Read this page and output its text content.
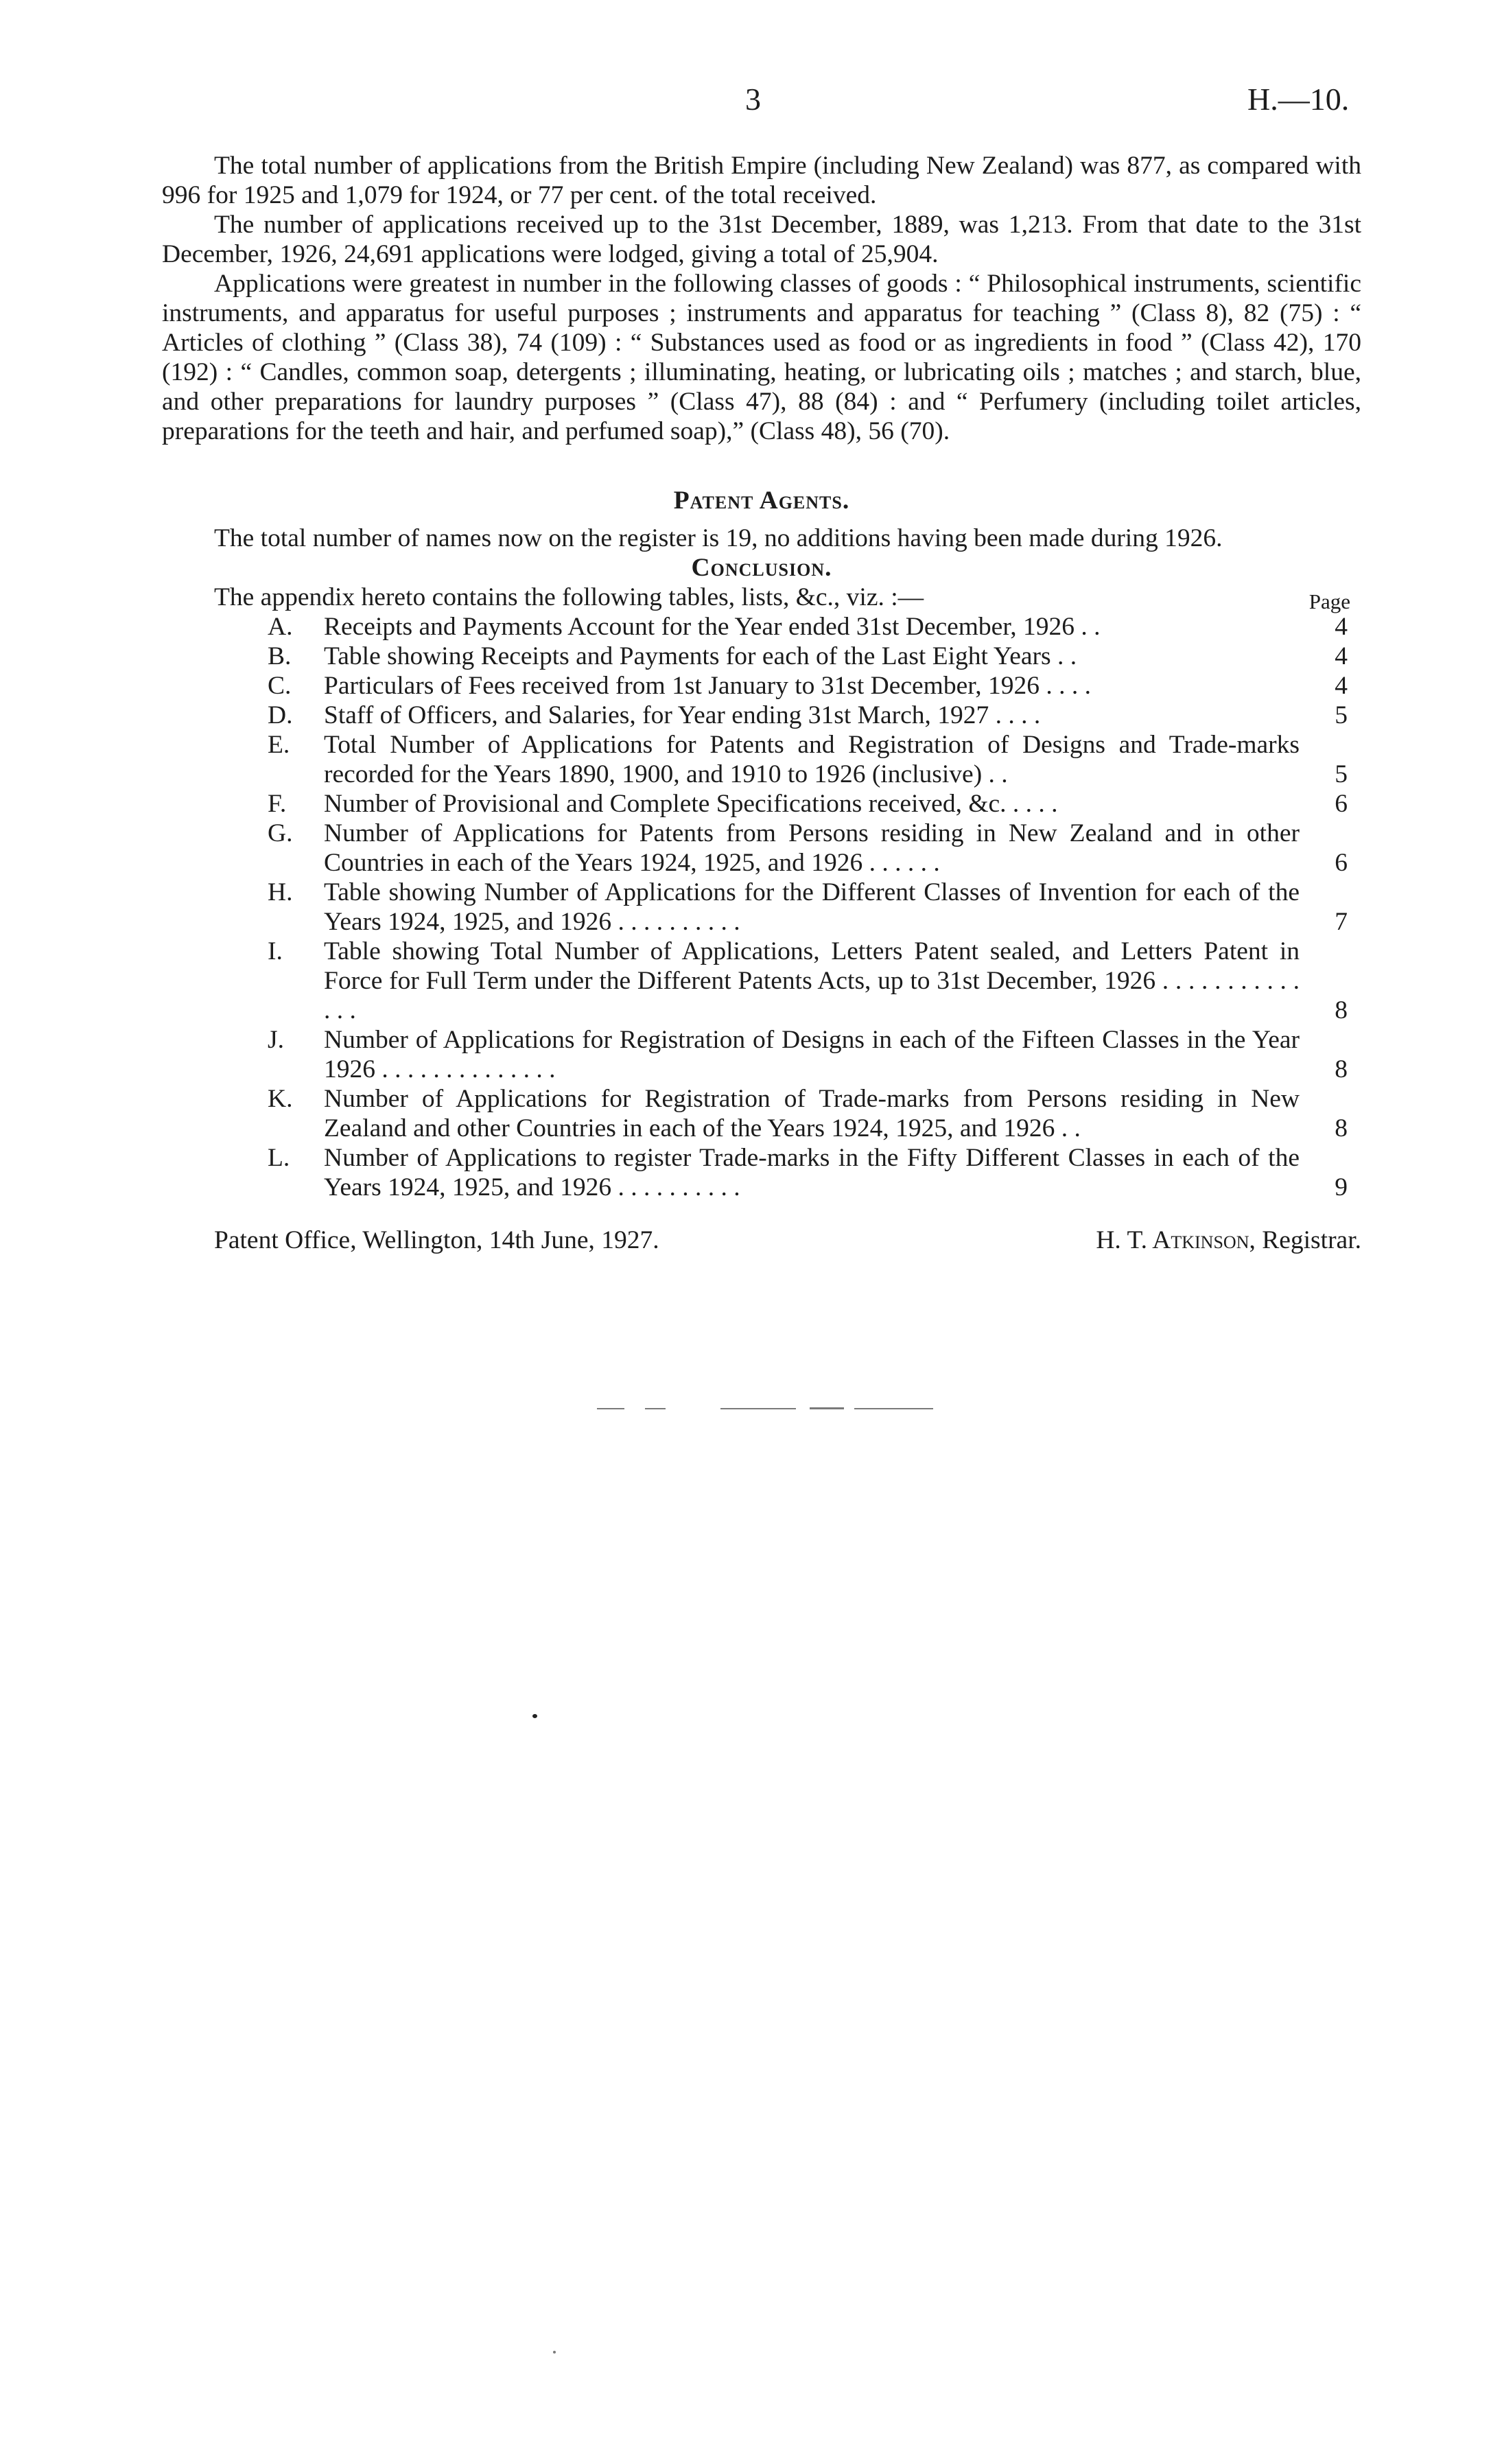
3	H.—10.

The total number of applications from the British Empire (including New Zealand) was 877, as compared with 996 for 1925 and 1,079 for 1924, or 77 per cent. of the total received.

The number of applications received up to the 31st December, 1889, was 1,213. From that date to the 31st December, 1926, 24,691 applications were lodged, giving a total of 25,904.

Applications were greatest in number in the following classes of goods : “ Philosophical instruments, scientific instruments, and apparatus for useful purposes ; instruments and apparatus for teaching ” (Class 8), 82 (75) : “ Articles of clothing ” (Class 38), 74 (109) : “ Substances used as food or as ingredients in food ” (Class 42), 170 (192) : “ Candles, common soap, detergents ; illuminating, heating, or lubricating oils ; matches ; and starch, blue, and other preparations for laundry purposes ” (Class 47), 88 (84) : and “ Perfumery (including toilet articles, preparations for the teeth and hair, and perfumed soap),” (Class 48), 56 (70).

Patent Agents.

The total number of names now on the register is 19, no additions having been made during 1926.

Conclusion.
The appendix hereto contains the following tables, lists, &c., viz. :—	Page
A.	Receipts and Payments Account for the Year ended 31st December, 1926 . .	4
B.	Table showing Receipts and Payments for each of the Last Eight Years . .	4
C.	Particulars of Fees received from 1st January to 31st December, 1926 . . . .	4
D.	Staff of Officers, and Salaries, for Year ending 31st March, 1927 . . . .	5
E.	Total Number of Applications for Patents and Registration of Designs and Trade-marks recorded for the Years 1890, 1900, and 1910 to 1926 (inclusive) . .	5
F.	Number of Provisional and Complete Specifications received, &c. . . . .	6
G.	Number of Applications for Patents from Persons residing in New Zealand and in other Countries in each of the Years 1924, 1925, and 1926 . . . . . .	6
H.	Table showing Number of Applications for the Different Classes of Invention for each of the Years 1924, 1925, and 1926 . . . . . . . . . .	7
I.	Table showing Total Number of Applications, Letters Patent sealed, and Letters Patent in Force for Full Term under the Different Patents Acts, up to 31st December, 1926 . . . . . . . . . . . . . .	8
J.	Number of Applications for Registration of Designs in each of the Fifteen Classes in the Year 1926 . . . . . . . . . . . . . .	8
K.	Number of Applications for Registration of Trade-marks from Persons residing in New Zealand and other Countries in each of the Years 1924, 1925, and 1926 . .	8
L.	Number of Applications to register Trade-marks in the Fifty Different Classes in each of the Years 1924, 1925, and 1926 . . . . . . . . . .	9
Patent Office, Wellington, 14th June, 1927.	H. T. Atkinson, Registrar.
